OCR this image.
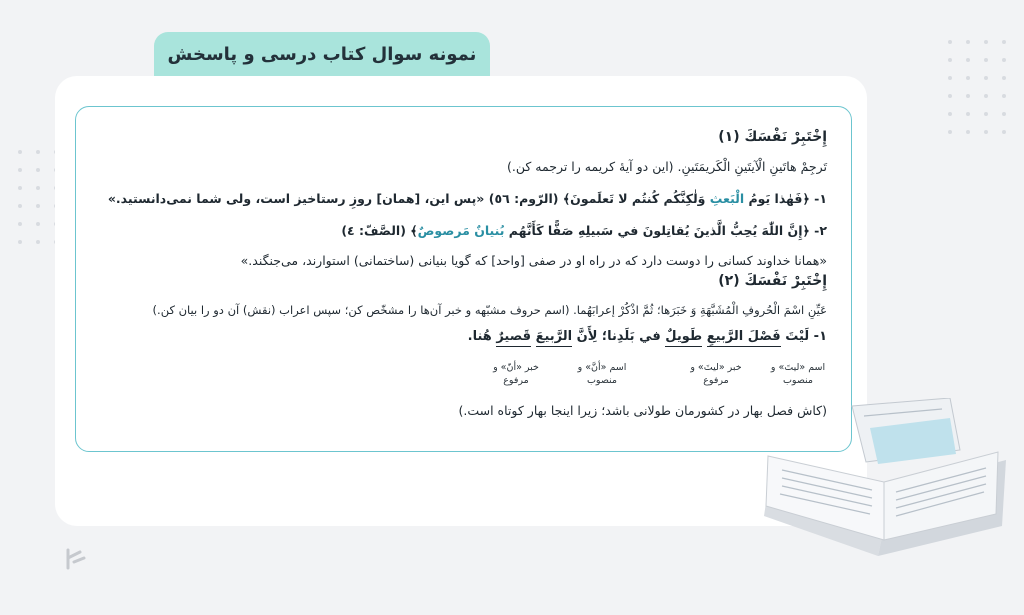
نمونه سوال کتاب درسی و پاسخش
إِخْتَبِرْ نَفْسَكَ (۱)
تَرجِمْ هاتَينِ الْآيتَينِ الْكَريمَتَينِ. (این دو آيهٔ کریمه را ترجمه کن.)
۱- ﴿فَهٰذا يَومُ الْبَعثِ وَلٰكِنَّكُم كُنتُم لا تَعلَمونَ﴾ (الرّوم: ٥٦) «پس این، [همان] روزِ رستاخیز است، ولی شما نمی‌دانستید.»
۲- ﴿إِنَّ اللّٰهَ يُحِبُّ الَّذينَ يُقاتِلونَ في سَبيلِهِ صَفًّا كَأَنَّهُم بُنيانٌ مَرصوصٌ﴾ (الصَّفّ: ٤)
«همانا خداوند کسانی را دوست دارد که در راه او در صفی [واحد] که گویا بنیانی (ساختمانی) استوارند، می‌جنگند.»
إِخْتَبِرْ نَفْسَكَ (۲)
عَيِّنِ اسْمَ الْحُروفِ الْمُشَبَّهَةِ وَ خَبَرَها؛ ثُمَّ اذْكُرْ إعرابَهُما. (اسم حروف مشبّهه و خبر آن‌ها را مشخّص کن؛ سپس اعراب (نقش) آن دو را بیان کن.)
۱- لَيْتَ فَصْلَ الرَّبيعِ طَويلٌ في بَلَدِنا؛ لِأَنَّ الرَّبيعَ قَصيرٌ هُنا.
اسم «لیتَ» و منصوب
خبر «لیتَ» و مرفوع
اسم «أنَّ» و منصوب
خبر «أنّ» و مرفوع
(کاش فصل بهار در کشورمان طولانی باشد؛ زیرا اینجا بهار کوتاه است.)
